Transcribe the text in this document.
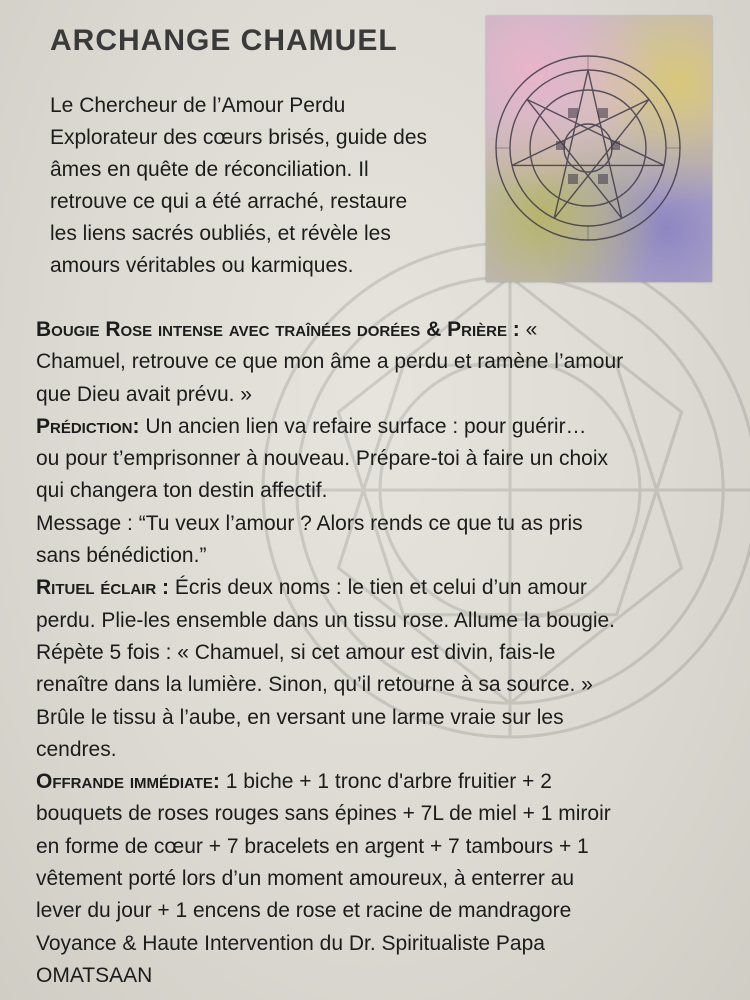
ARCHANGE CHAMUEL
Le Chercheur de l’Amour Perdu
Explorateur des cœurs brisés, guide des
âmes en quête de réconciliation. Il
retrouve ce qui a été arraché, restaure
les liens sacrés oubliés, et révèle les
amours véritables ou karmiques.
Bougie Rose intense avec traînées dorées & Prière : «
Chamuel, retrouve ce que mon âme a perdu et ramène l’amour
que Dieu avait prévu. »
Prédiction: Un ancien lien va refaire surface : pour guérir…
ou pour t’emprisonner à nouveau. Prépare-toi à faire un choix
qui changera ton destin affectif.
Message : “Tu veux l’amour ? Alors rends ce que tu as pris
sans bénédiction.”
Rituel éclair : Écris deux noms : le tien et celui d’un amour
perdu. Plie-les ensemble dans un tissu rose. Allume la bougie.
Répète 5 fois : « Chamuel, si cet amour est divin, fais-le
renaître dans la lumière. Sinon, qu’il retourne à sa source. »
Brûle le tissu à l’aube, en versant une larme vraie sur les
cendres.
Offrande immédiate: 1 biche + 1 tronc d'arbre fruitier + 2
bouquets de roses rouges sans épines + 7L de miel + 1 miroir
en forme de cœur + 7 bracelets en argent + 7 tambours + 1
vêtement porté lors d’un moment amoureux, à enterrer au
lever du jour + 1 encens de rose et racine de mandragore
Voyance & Haute Intervention du Dr. Spiritualiste Papa
OMATSAAN
